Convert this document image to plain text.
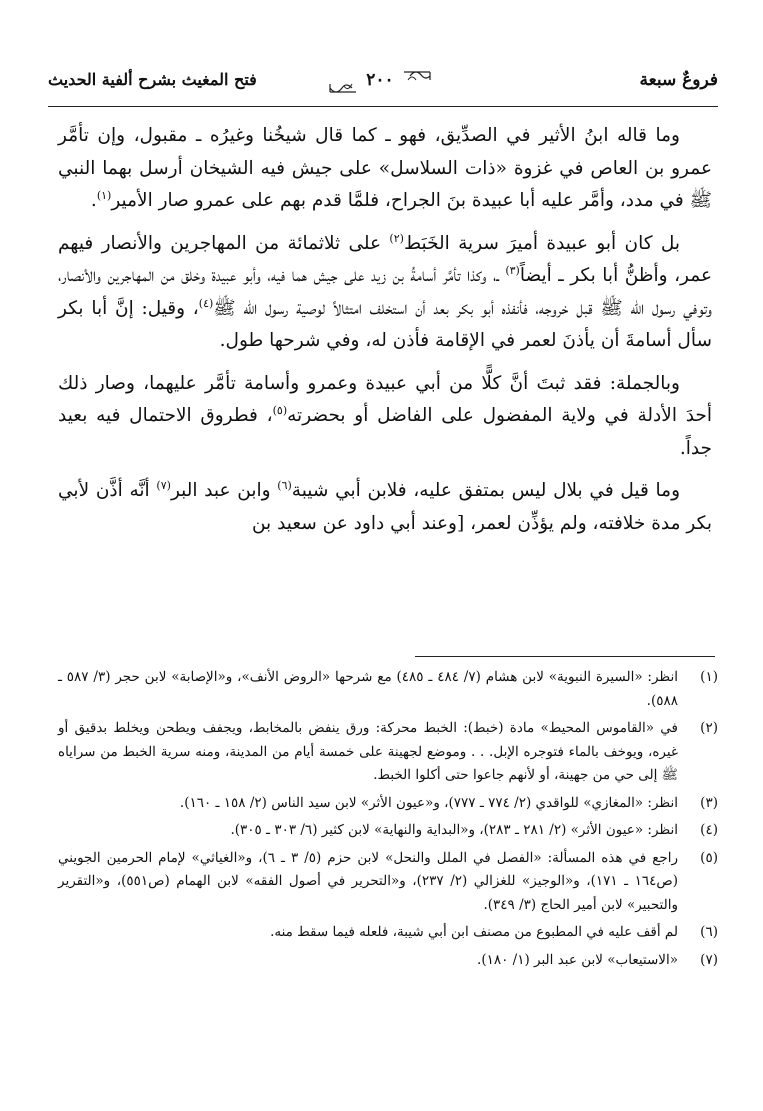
فروعٌ سبعة
٢٠٠
فتح المغيث بشرح ألفية الحديث

وما قاله ابنُ الأثير في الصدِّيق، فهو ـ كما قال شيخُنا وغيرُه ـ مقبول، وإن تأمَّر عمرو بن العاص في غزوة «ذات السلاسل» على جيش فيه الشيخان أرسل بهما النبي ﷺ في مدد، وأمَّر عليه أبا عبيدة بنَ الجراح، فلمَّا قدم بهم على عمرو صار الأمير$^{(١)}$.

بل كان أبو عبيدة أميرَ سرية الخَبَط$^{(٢)}$ على ثلاثمائة من المهاجرين والأنصار فيهم عمر، وأظنُّ أبا بكر ـ أيضاً$^{(٣)}$ ـ، وكذا تأمَّر أسامةُ بن زيد على جيش هما فيه، وأبو عبيدة وخلق من المهاجرين والأنصار، وتوفي رسول الله ﷺ قبل خروجه، فأنفذه أبو بكر بعد أن استخلف امتثالاً لوصية رسول الله ﷺ$^{(٤)}$، وقيل: إنَّ أبا بكر سأل أسامةَ أن يأذنَ لعمر في الإقامة فأذن له، وفي شرحها طول.

وبالجملة: فقد ثبتَ أنَّ كلًّا من أبي عبيدة وعمرو وأسامة تأمَّر عليهما، وصار ذلك أحدَ الأدلة في ولاية المفضول على الفاضل أو بحضرته$^{(٥)}$، فطروق الاحتمال فيه بعيد جداً.

وما قيل في بلال ليس بمتفق عليه، فلابن أبي شيبة$^{(٦)}$ وابن عبد البر$^{(٧)}$ أنَّه أذَّن لأبي بكر مدة خلافته، ولم يؤذِّن لعمر، [وعند أبي داود عن سعيد بن

(١)
انظر: «السيرة النبوية» لابن هشام (٧/ ٤٨٤ ـ ٤٨٥) مع شرحها «الروض الأنف»، و«الإصابة» لابن حجر (٣/ ٥٨٧ ـ ٥٨٨).
(٢)
في «القاموس المحيط» مادة (خبط): الخبط محركة: ورق ينفض بالمخابط، ويجفف ويطحن ويخلط بدقيق أو غيره، ويوخف بالماء فتوجره الإبل. . . وموضع لجهينة على خمسة أيام من المدينة، ومنه سرية الخبط من سراياه ﷺ إلى حي من جهينة، أو لأنهم جاعوا حتى أكلوا الخبط.
(٣)
انظر: «المغازي» للواقدي (٢/ ٧٧٤ ـ ٧٧٧)، و«عيون الأثر» لابن سيد الناس (٢/ ١٥٨ ـ ١٦٠).
(٤)
انظر: «عيون الأثر» (٢/ ٢٨١ ـ ٢٨٣)، و«البداية والنهاية» لابن كثير (٦/ ٣٠٣ ـ ٣٠٥).
(٥)
راجع في هذه المسألة: «الفصل في الملل والنحل» لابن حزم (٥/ ٣ ـ ٦)، و«الغياثي» لإمام الحرمين الجويني (ص١٦٤ ـ ١٧١)، و«الوجيز» للغزالي (٢/ ٢٣٧)، و«التحرير في أصول الفقه» لابن الهمام (ص٥٥١)، و«التقرير والتحبير» لابن أمير الحاج (٣/ ٣٤٩).
(٦)
لم أقف عليه في المطبوع من مصنف ابن أبي شيبة، فلعله فيما سقط منه.
(٧)
«الاستيعاب» لابن عبد البر (١/ ١٨٠).
